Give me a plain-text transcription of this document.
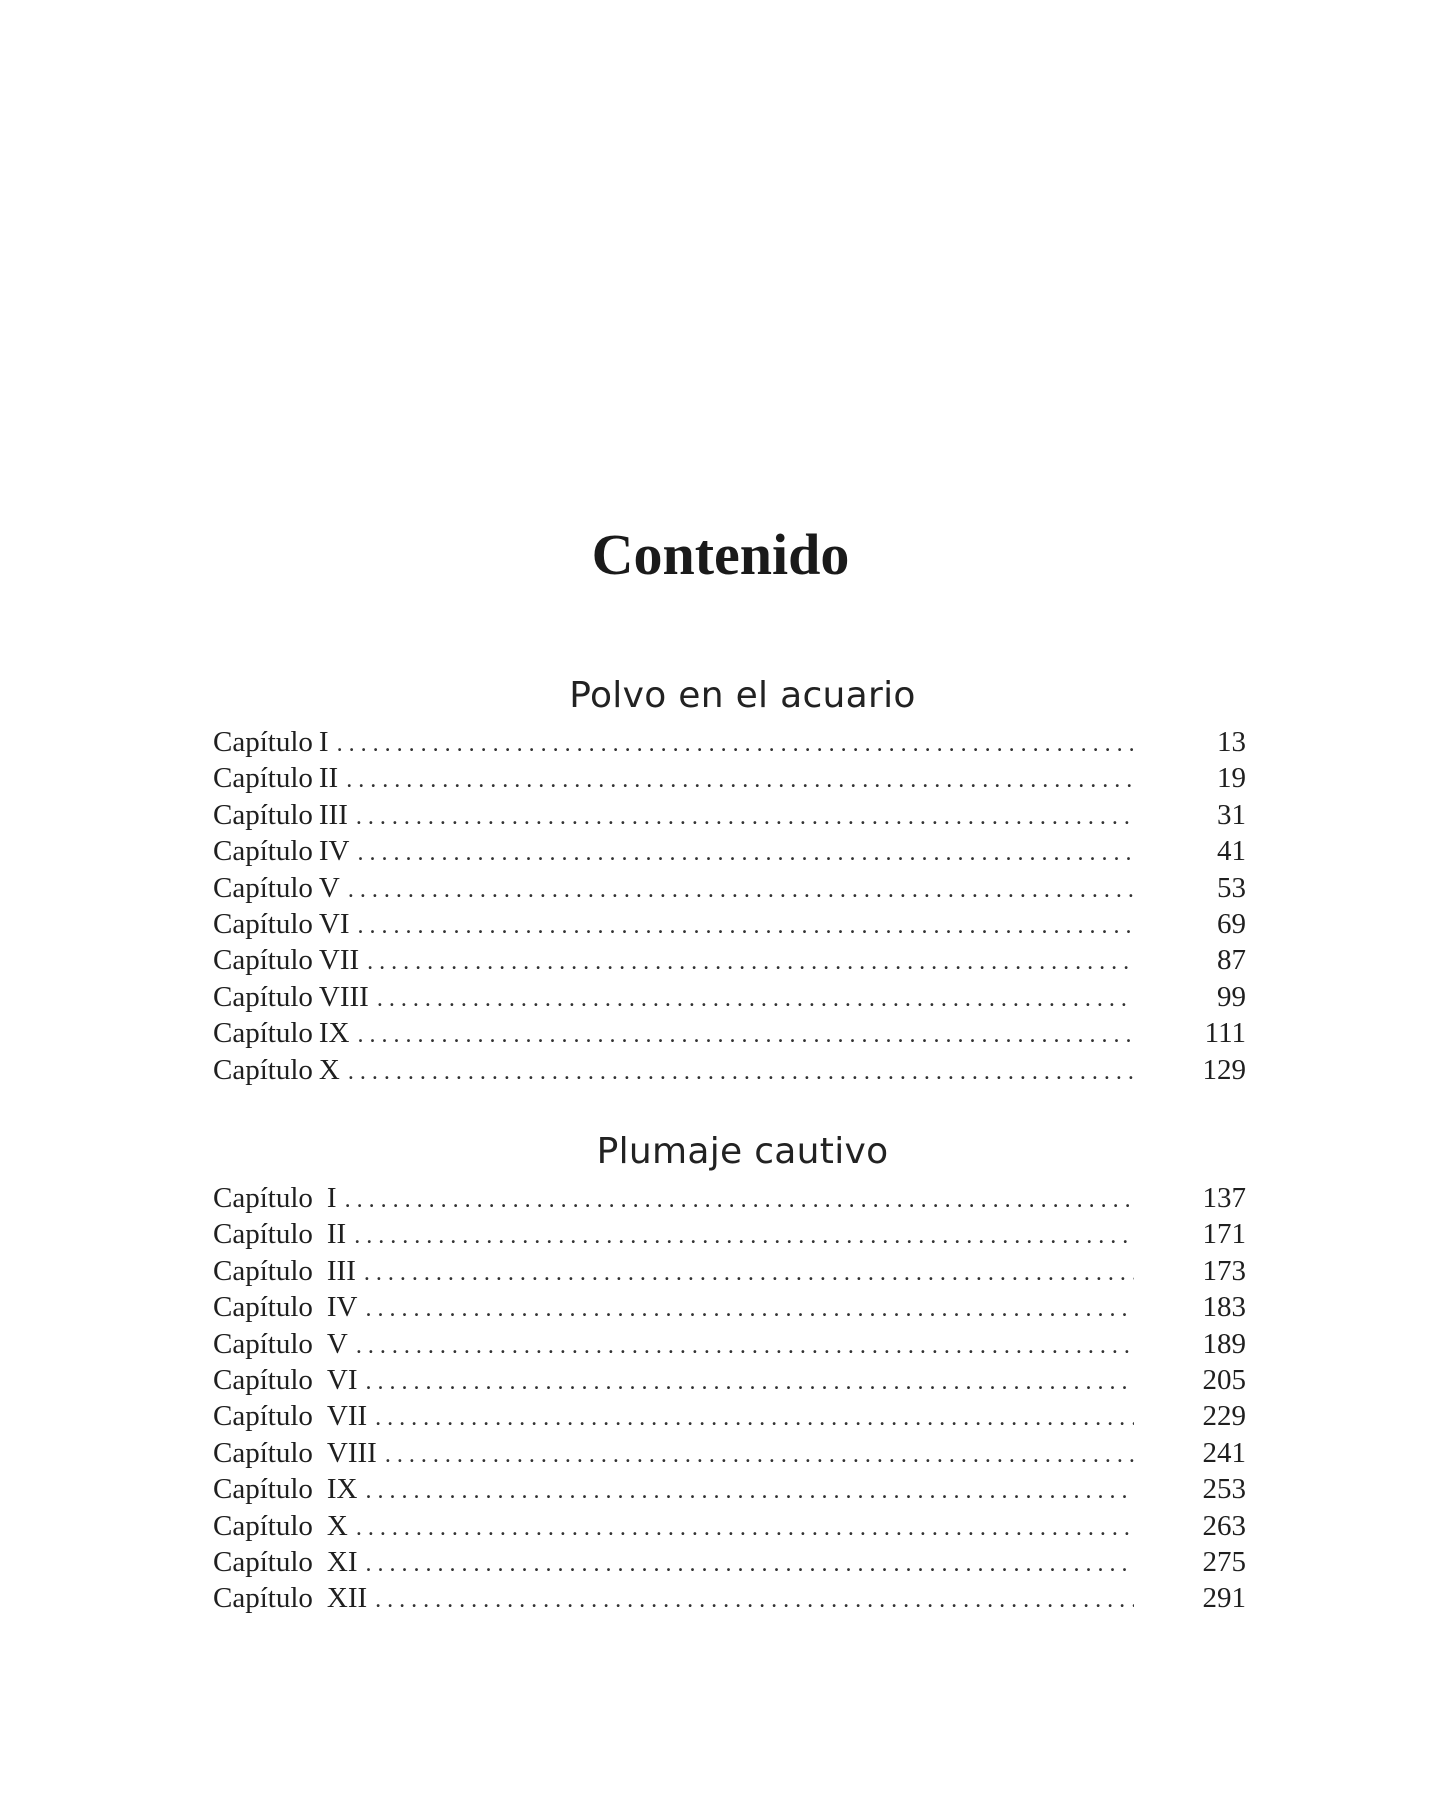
Contenido
Polvo en el acuario
Capítulo I . . .	13
Capítulo II . . .	19
Capítulo III . . .	31
Capítulo IV . . .	41
Capítulo V . . .	53
Capítulo VI . . .	69
Capítulo VII . . .	87
Capítulo VIII . . .	99
Capítulo IX . . .	111
Capítulo X . . .	129
Plumaje cautivo
Capítulo I . . .	137
Capítulo II . . .	171
Capítulo III . . .	173
Capítulo IV . . .	183
Capítulo V . . .	189
Capítulo VI . . .	205
Capítulo VII . . .	229
Capítulo VIII . . .	241
Capítulo IX . . .	253
Capítulo X . . .	263
Capítulo XI . . .	275
Capítulo XII . . .	291
